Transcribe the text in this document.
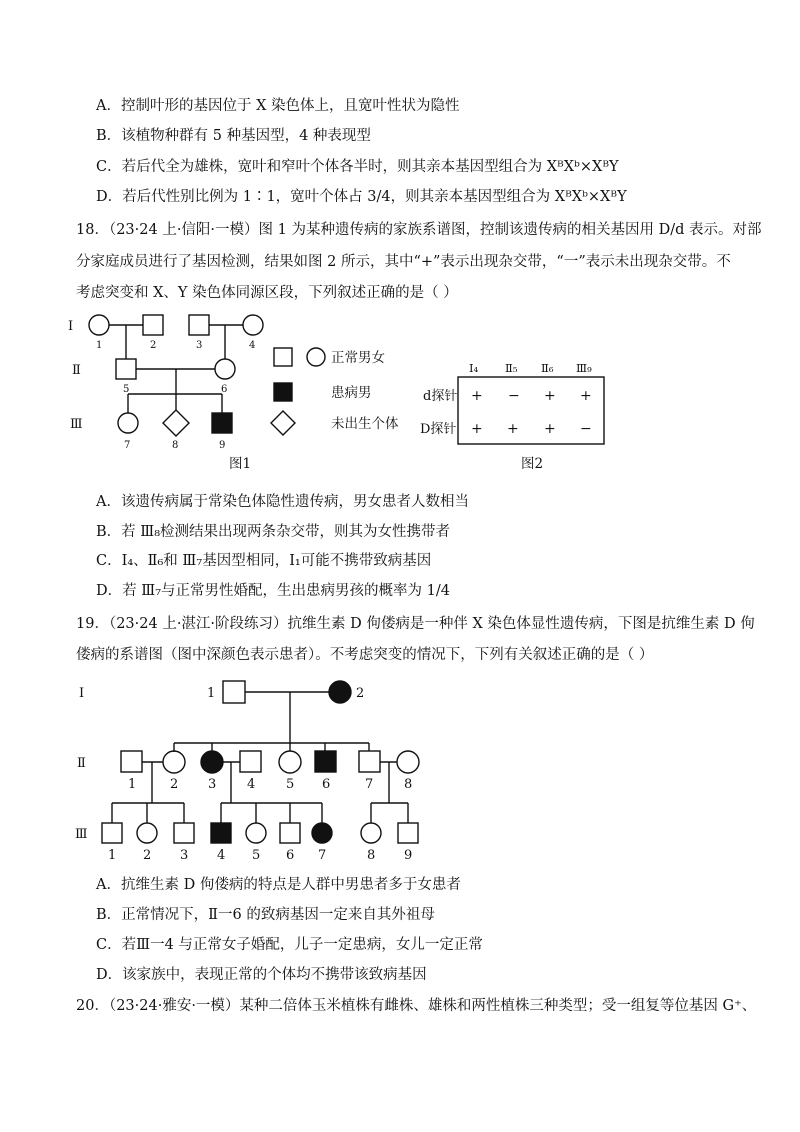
A．控制叶形的基因位于 X 染色体上，且宽叶性状为隐性
B．该植物种群有 5 种基因型，4 种表现型
C．若后代全为雄株，宽叶和窄叶个体各半时，则其亲本基因型组合为 XᴮXᵇ×XᴮY
D．若后代性别比例为 1∶1，宽叶个体占 3/4，则其亲本基因型组合为 XᴮXᵇ×XᴮY
18．（23·24 上·信阳·一模）图 1 为某种遗传病的家族系谱图，控制该遗传病的相关基因用 D/d 表示。对部
分家庭成员进行了基因检测，结果如图 2 所示，其中“+”表示出现杂交带，“一”表示未出现杂交带。不
考虑突变和 X、Y 染色体同源区段，下列叙述正确的是（ ）
Ⅰ
Ⅱ
Ⅲ
1	2	3	4
5	6
7	8	9
正常男女
患病男
未出生个体
图1
Ⅰ₄ Ⅱ₅ Ⅱ₆ Ⅲ₉
d探针 + − + +
D探针 + + + −
图2
A．该遗传病属于常染色体隐性遗传病，男女患者人数相当
B．若 Ⅲ₈检测结果出现两条杂交带，则其为女性携带者
C．Ⅰ₄、Ⅱ₆和 Ⅲ₇基因型相同，Ⅰ₁可能不携带致病基因
D．若 Ⅲ₇与正常男性婚配，生出患病男孩的概率为 1/4
19．（23·24 上·湛江·阶段练习）抗维生素 D 佝偻病是一种伴 X 染色体显性遗传病，下图是抗维生素 D 佝
偻病的系谱图（图中深颜色表示患者）。不考虑突变的情况下，下列有关叙述正确的是（ ）
Ⅰ
Ⅱ
Ⅲ
1	2
1	2 3 4 5 6	7 8
1 2 3 4 5 6 7	8 9
A．抗维生素 D 佝偻病的特点是人群中男患者多于女患者
B．正常情况下，Ⅱ一6 的致病基因一定来自其外祖母
C．若Ⅲ一4 与正常女子婚配，儿子一定患病，女儿一定正常
D．该家族中，表现正常的个体均不携带该致病基因
20．（23·24·雅安·一模）某种二倍体玉米植株有雌株、雄株和两性植株三种类型；受一组复等位基因 G⁺、
